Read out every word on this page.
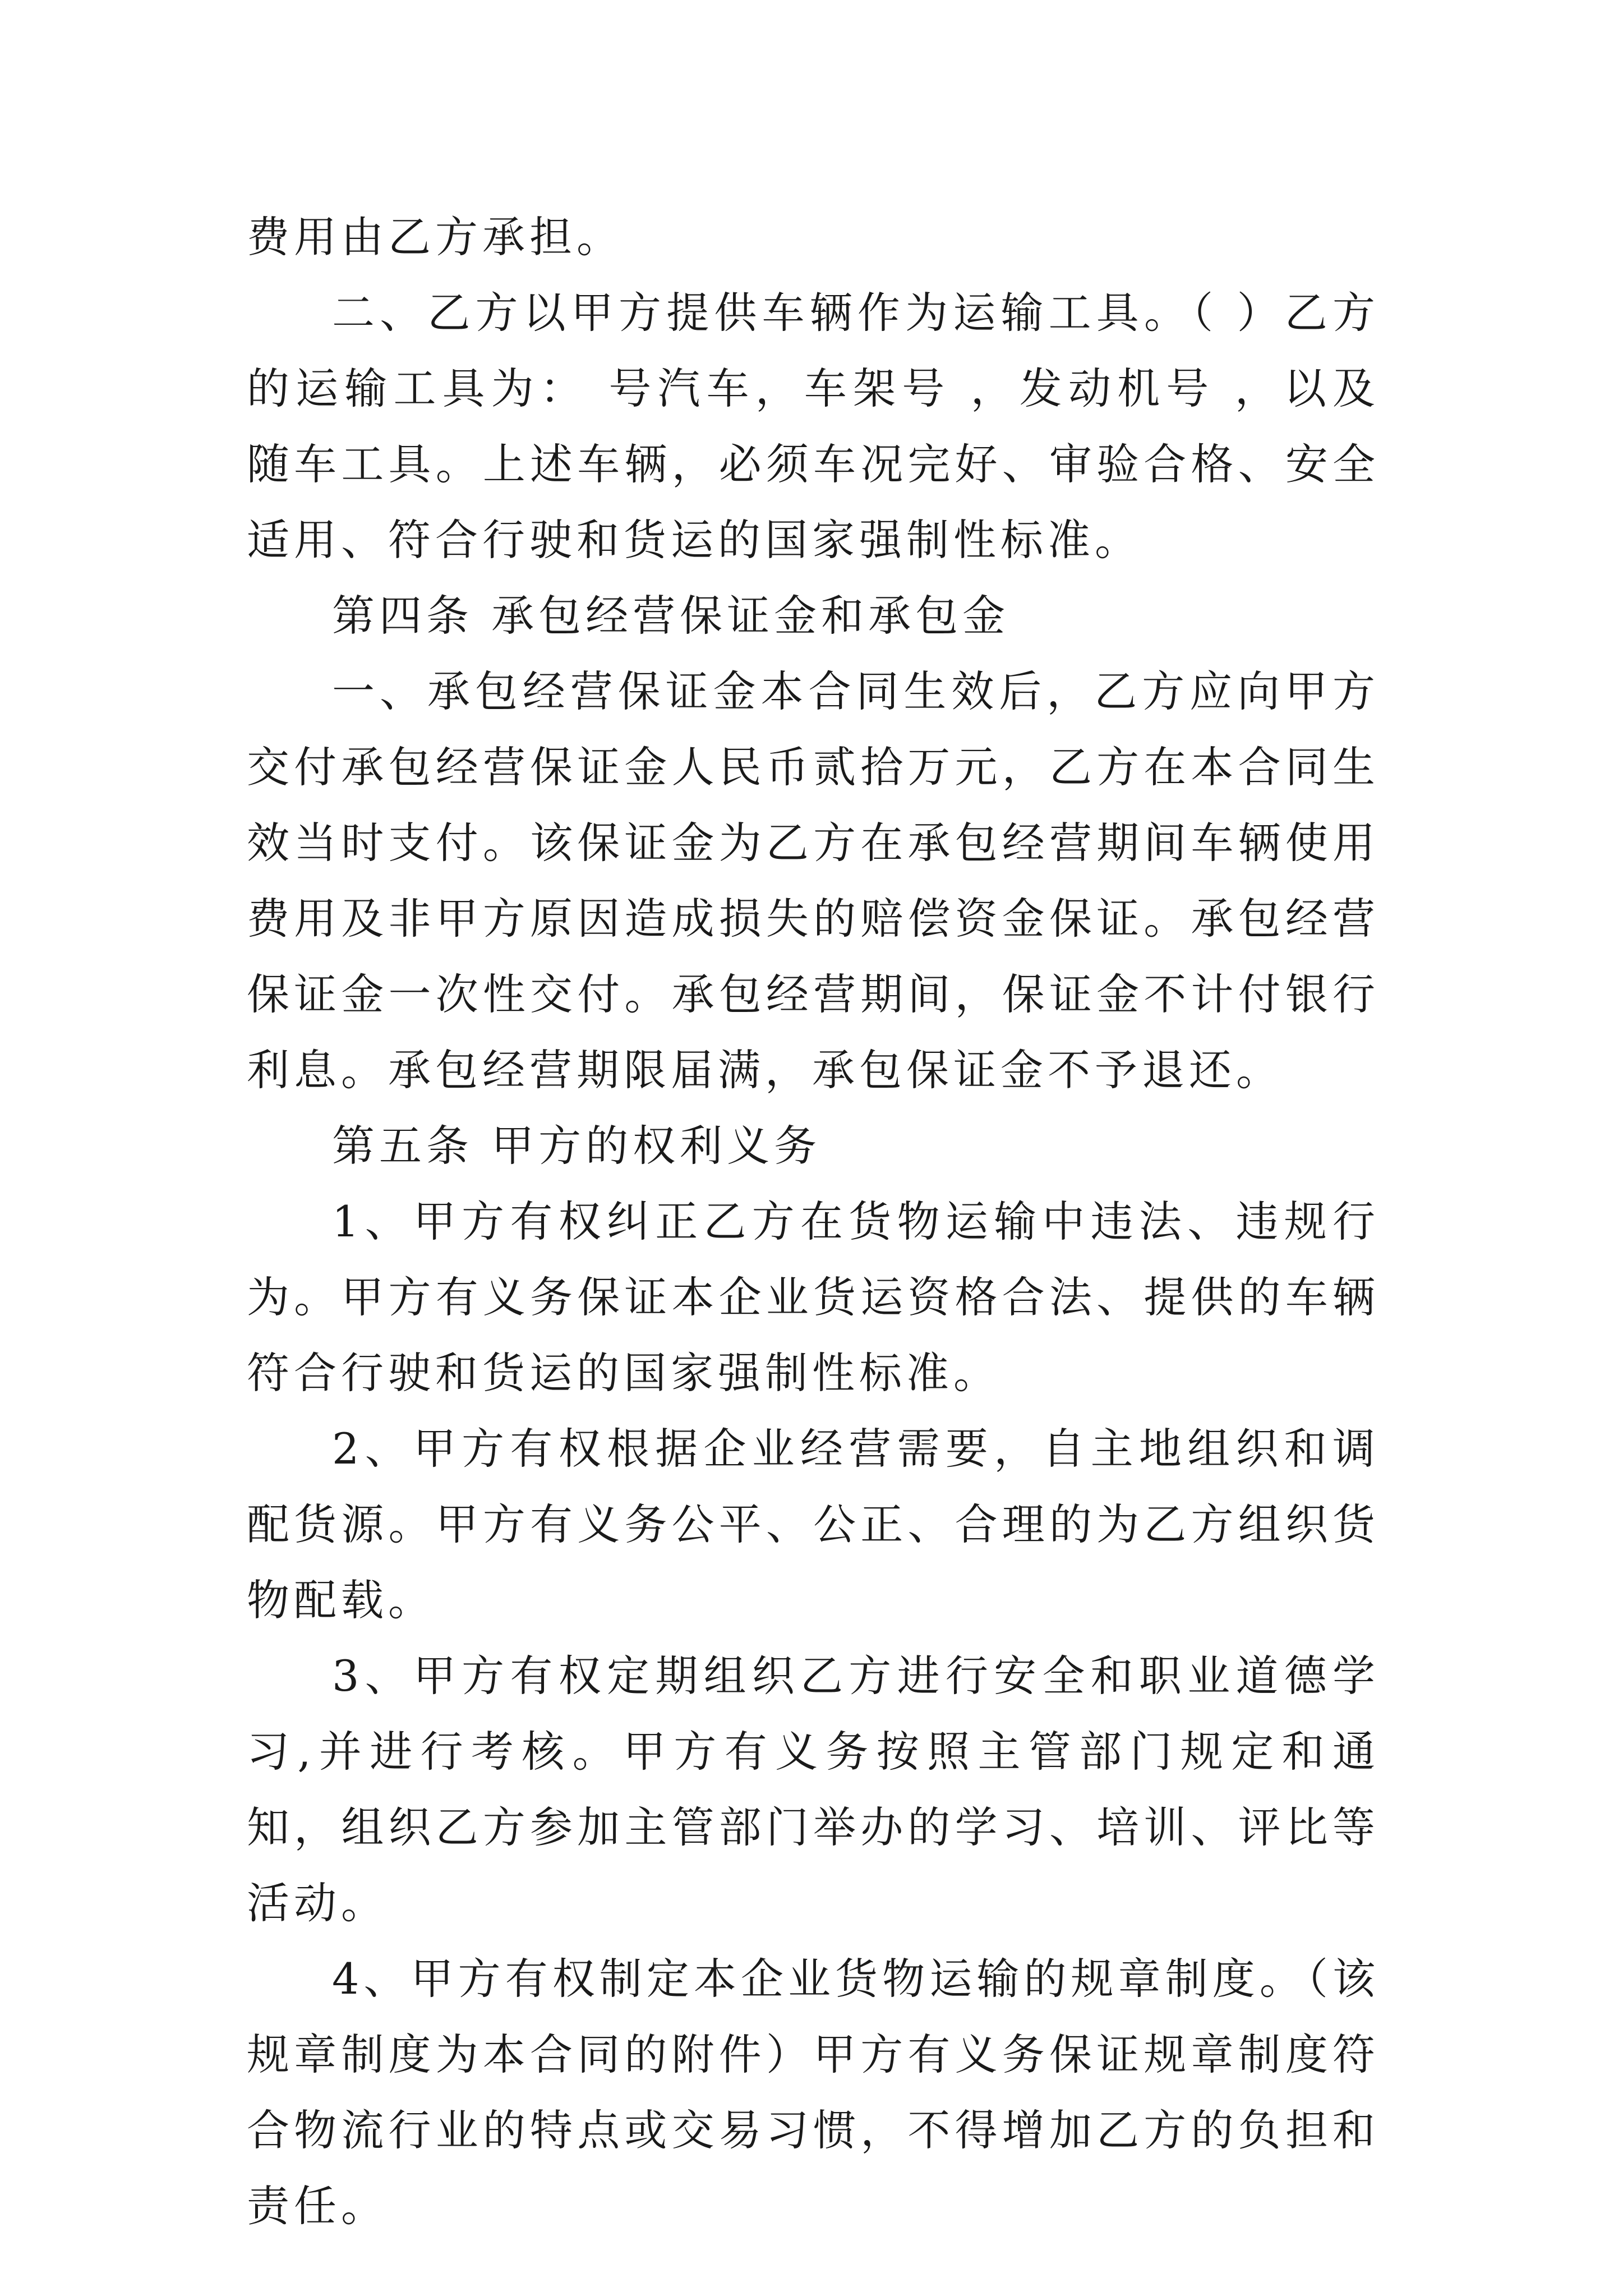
费用由乙方承担。

二、乙方以甲方提供车辆作为运输工具。（ ）乙方的运输工具为： 号汽车，车架号 ，发动机号 ，以及随车工具。上述车辆，必须车况完好、审验合格、安全适用、符合行驶和货运的国家强制性标准。

第四条 承包经营保证金和承包金

一、承包经营保证金本合同生效后，乙方应向甲方交付承包经营保证金人民币贰拾万元，乙方在本合同生效当时支付。该保证金为乙方在承包经营期间车辆使用费用及非甲方原因造成损失的赔偿资金保证。承包经营保证金一次性交付。承包经营期间，保证金不计付银行利息。承包经营期限届满，承包保证金不予退还。

第五条 甲方的权利义务

1、甲方有权纠正乙方在货物运输中违法、违规行为。甲方有义务保证本企业货运资格合法、提供的车辆符合行驶和货运的国家强制性标准。

2、甲方有权根据企业经营需要，自主地组织和调配货源。甲方有义务公平、公正、合理的为乙方组织货物配载。

3、甲方有权定期组织乙方进行安全和职业道德学习,并进行考核。甲方有义务按照主管部门规定和通知，组织乙方参加主管部门举办的学习、培训、评比等活动。

4、甲方有权制定本企业货物运输的规章制度。（该规章制度为本合同的附件）甲方有义务保证规章制度符合物流行业的特点或交易习惯，不得增加乙方的负担和责任。
